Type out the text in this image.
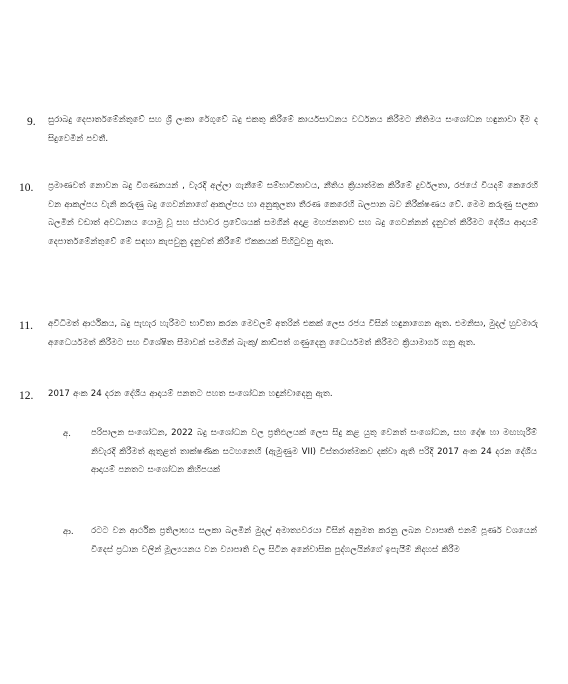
9. සුරාබදු දෙපාර්තමේන්තුවේ සහ ශ්‍රී ලංකා රේගුවේ බදු එකතු කිරීමේ කාර්යසාධනය වර්ධනය කිරීමට නීතිමය සංශෝධන හඳුනාවා දීම ද සිදුවෙමින් පවතී.
10. ප්‍රමාණවත් නොවන බදු විගණනයන් , වැරදි අල්ලා ගැනීමේ සම්භාවිතාවය, නීතිය ක්‍රියාත්මක කිරීමේ දුර්වලතා, රජයේ වියදම් කෙරෙහි වන ආකල්පය වැනි කරුණු බදු ගෙවන්නාගේ ආකල්පය හා අනුකූලතා තීරණ කෙරෙහි බලපාන බව නිරීක්ෂණය වේ. මෙම කරුණු සලකා බලමින් වඩාත් අවධානය යොමු වූ සහ ස්ථාවර ප්‍රවේශයක් සමගින් අදාළ මහජනතාව සහ බදු ගෙවන්නන් දැනුවත් කිරීමට දේශීය ආදායම් දෙපාර්තමේන්තුවේ මේ සඳහා කැපවුනු දැනුවත් කිරීමේ ඒකකයක් පිහිටුවනු ඇත.
11. අවිධිමත් ආර්ථිකය, බදු පැහැර හැරීමට භාවිතා කරන මෙවලම් අතරින් එකක් ලෙස රජය විසින් හඳුනාගෙන ඇත. එමනිසා, මුදල් හුවමාරු අධෛර්යමත් කිරීමට සහ විශේෂිත සීමාවක් සමගින් බැංකු/ කාඩ්පත් ගණුදෙනු ධෛර්යමත් කිරීමට ක්‍රියාමාර්ග ගනු ඇත.
12. 2017 අංක 24 දරන දේශීය ආදායම් පනතට පහත සංශෝධන හඳුන්වාදෙනු ඇත.
අ. පරිපාලන සංශෝධන, 2022 බදු සංශෝධන වල ප්‍රතිඵලයක් ලෙස සිදු කළ යුතු වෙනත් සංශෝධන, සහ දෝෂ හා මඟහැරීම් නිවැරදි කිරීමත් ඇතුළත් තාක්ෂණික සටහනෙහි (ඇමුණුම VII) විස්තරාත්මකව දක්වා ඇති පරිදි 2017 අංක 24 දරන දේශීය ආදායම් පනතට සංශෝධන කිහිපයක්
ආ. රටට වන ආර්ථික ප්‍රතිලාභය සලකා බලමින් මුදල් අමාත්‍යවරයා විසින් අනුමත කරනු ලබන ව්‍යාපෘති එනම් පූර්ණ වශයෙන් විදෙස් ප්‍රධාන වලින් මූල්‍යයනය වන ව්‍යාපෘති වල සිටින අනේවාසික පුද්ගලයින්ගේ ඉපැයීම් නිදහස් කිරීම
